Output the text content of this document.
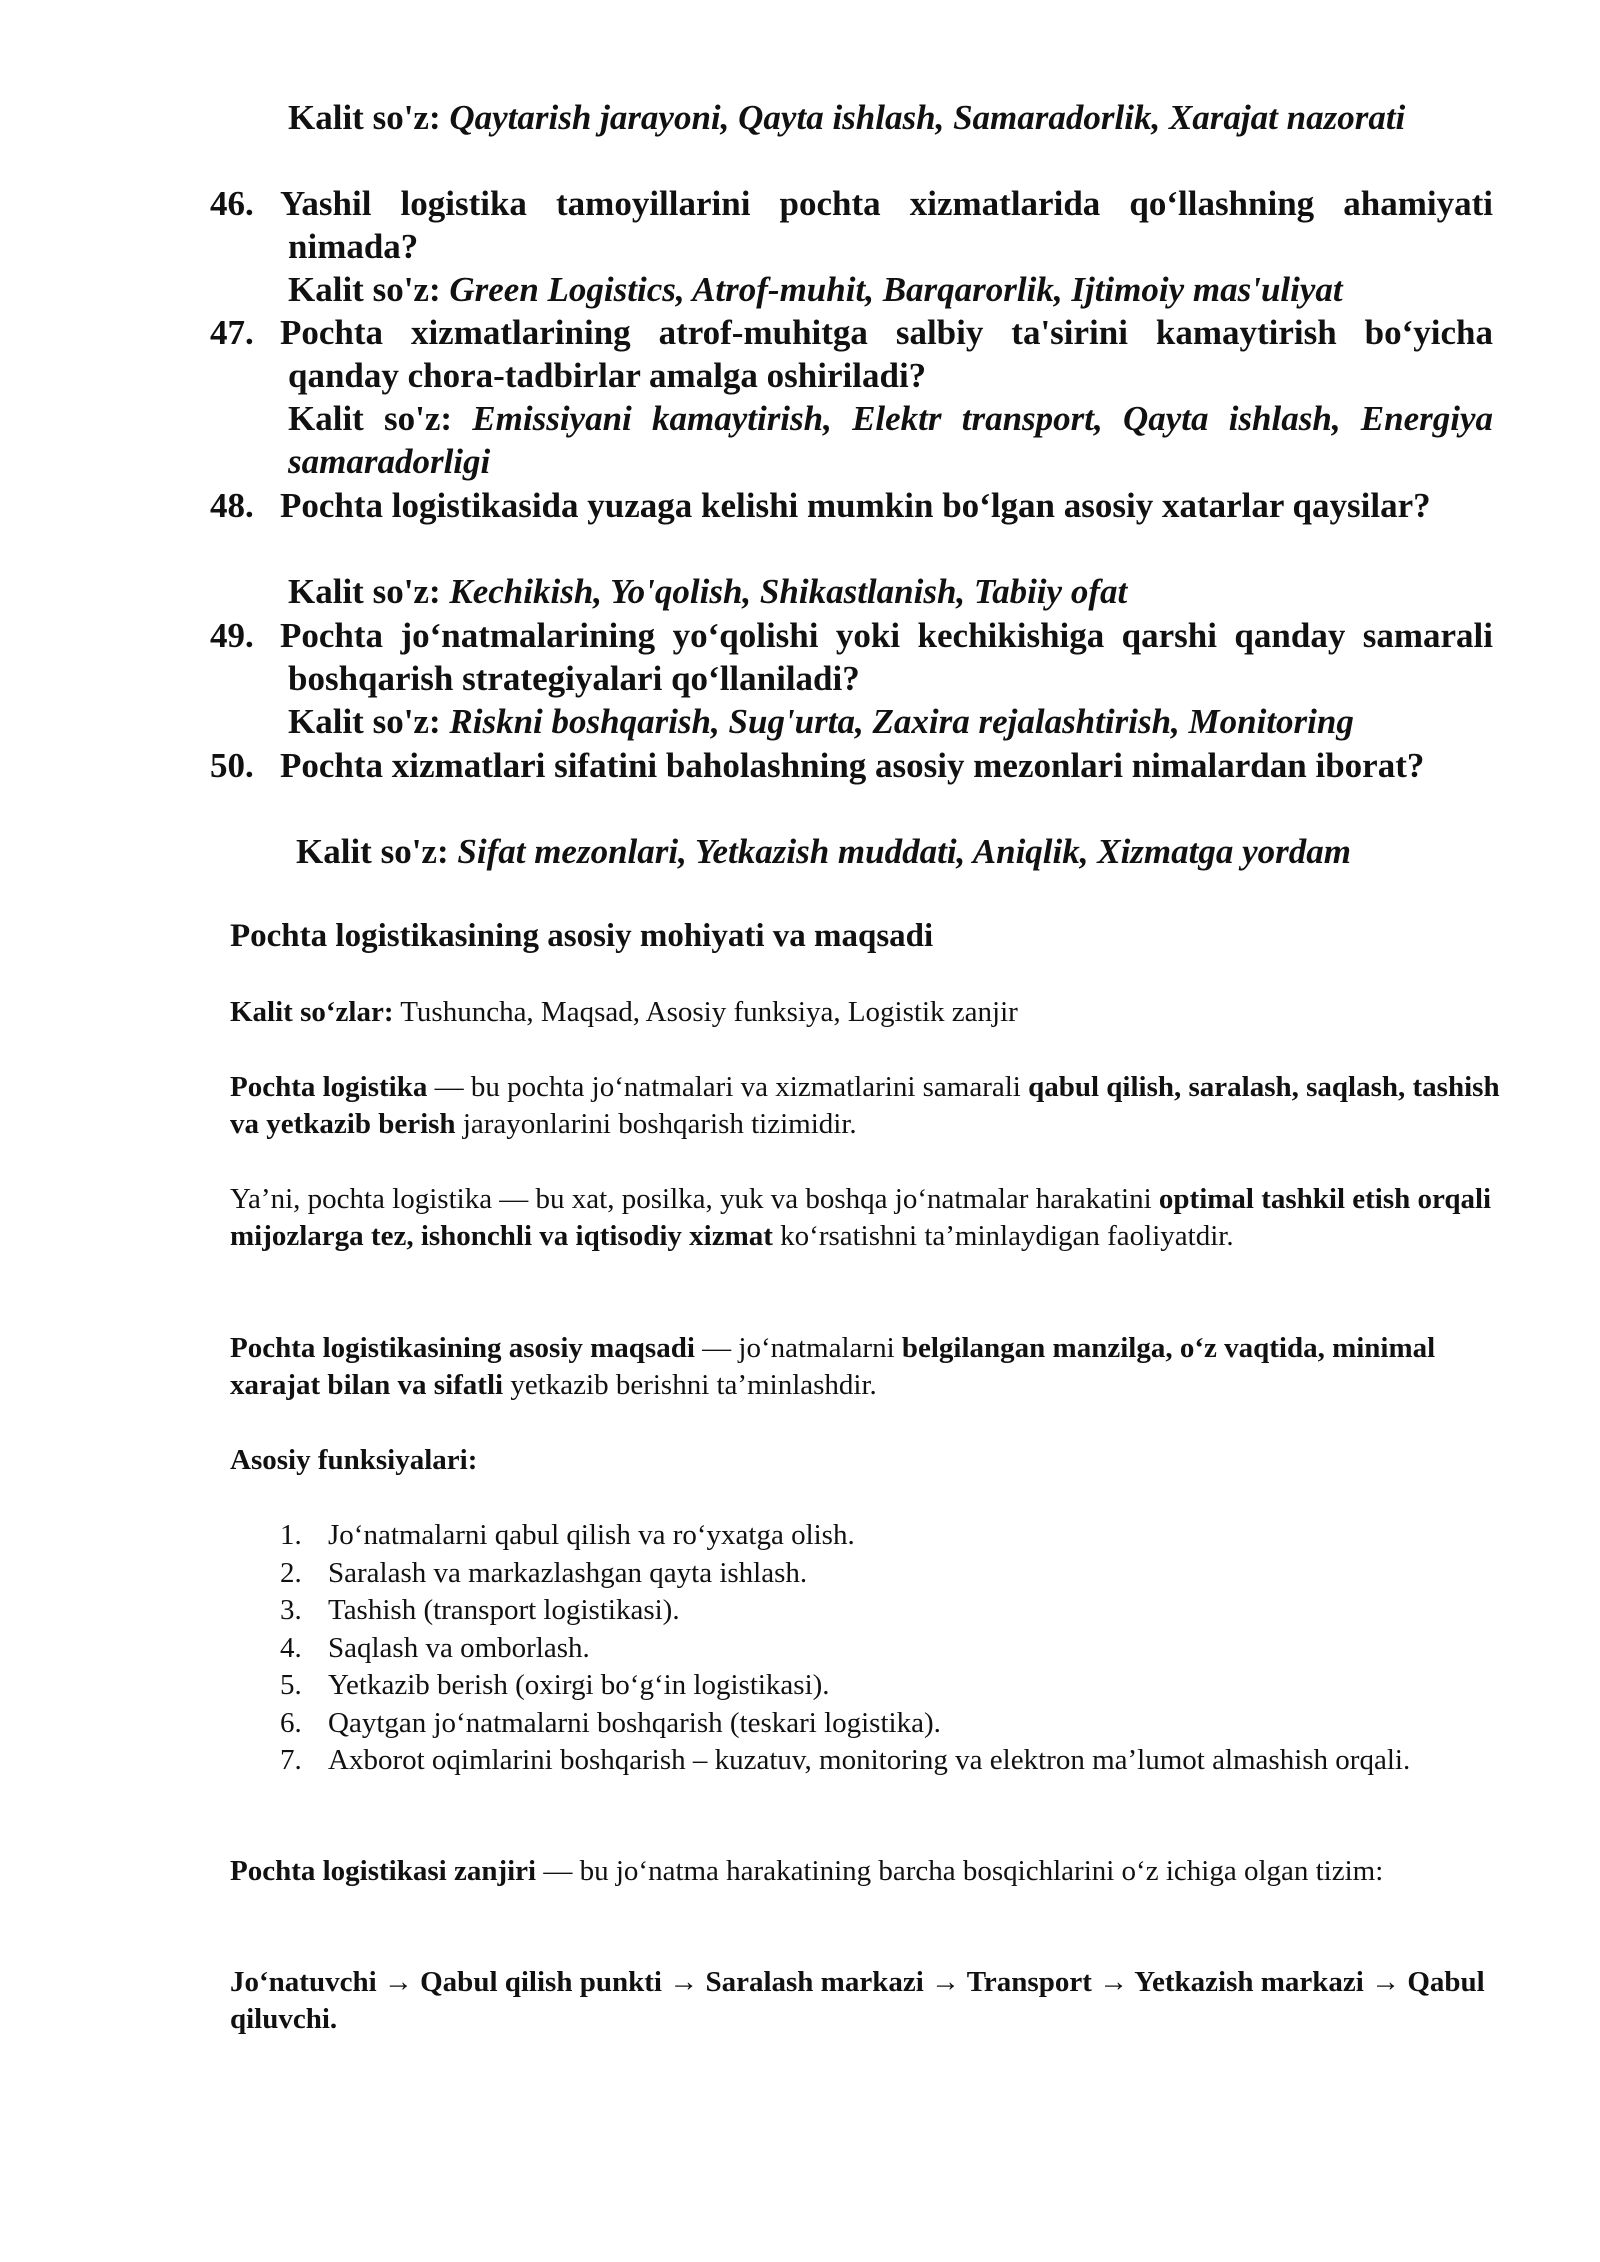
Kalit so'z: Qaytarish jarayoni, Qayta ishlash, Samaradorlik, Xarajat nazorati
46. Yashil logistika tamoyillarini pochta xizmatlarida qo‘llashning ahamiyati nimada?
Kalit so'z: Green Logistics, Atrof-muhit, Barqarorlik, Ijtimoiy mas'uliyat
47. Pochta xizmatlarining atrof-muhitga salbiy ta'sirini kamaytirish bo‘yicha qanday chora-tadbirlar amalga oshiriladi?
Kalit so'z: Emissiyani kamaytirish, Elektr transport, Qayta ishlash, Energiya samaradorligi
48. Pochta logistikasida yuzaga kelishi mumkin bo‘lgan asosiy xatarlar qaysilar?
Kalit so'z: Kechikish, Yo'qolish, Shikastlanish, Tabiiy ofat
49. Pochta jo‘natmalarining yo‘qolishi yoki kechikishiga qarshi qanday samarali boshqarish strategiyalari qo‘llaniladi?
Kalit so'z: Riskni boshqarish, Sug'urta, Zaxira rejalashtirish, Monitoring
50. Pochta xizmatlari sifatini baholashning asosiy mezonlari nimalardan iborat?
Kalit so'z: Sifat mezonlari, Yetkazish muddati, Aniqlik, Xizmatga yordam
Pochta logistikasining asosiy mohiyati va maqsadi
Kalit so‘zlar: Tushuncha, Maqsad, Asosiy funksiya, Logistik zanjir
Pochta logistika — bu pochta jo‘natmalari va xizmatlarini samarali qabul qilish, saralash, saqlash, tashish va yetkazib berish jarayonlarini boshqarish tizimidir.
Ya’ni, pochta logistika — bu xat, posilka, yuk va boshqa jo‘natmalar harakatini optimal tashkil etish orqali mijozlarga tez, ishonchli va iqtisodiy xizmat ko‘rsatishni ta’minlaydigan faoliyatdir.
Pochta logistikasining asosiy maqsadi — jo‘natmalarni belgilangan manzilga, o‘z vaqtida, minimal xarajat bilan va sifatli yetkazib berishni ta’minlashdir.
Asosiy funksiyalari:
1. Jo‘natmalarni qabul qilish va ro‘yxatga olish.
2. Saralash va markazlashgan qayta ishlash.
3. Tashish (transport logistikasi).
4. Saqlash va omborlash.
5. Yetkazib berish (oxirgi bo‘g‘in logistikasi).
6. Qaytgan jo‘natmalarni boshqarish (teskari logistika).
7. Axborot oqimlarini boshqarish – kuzatuv, monitoring va elektron ma’lumot almashish orqali.
Pochta logistikasi zanjiri — bu jo‘natma harakatining barcha bosqichlarini o‘z ichiga olgan tizim:
Jo‘natuvchi → Qabul qilish punkti → Saralash markazi → Transport → Yetkazish markazi → Qabul qiluvchi.
